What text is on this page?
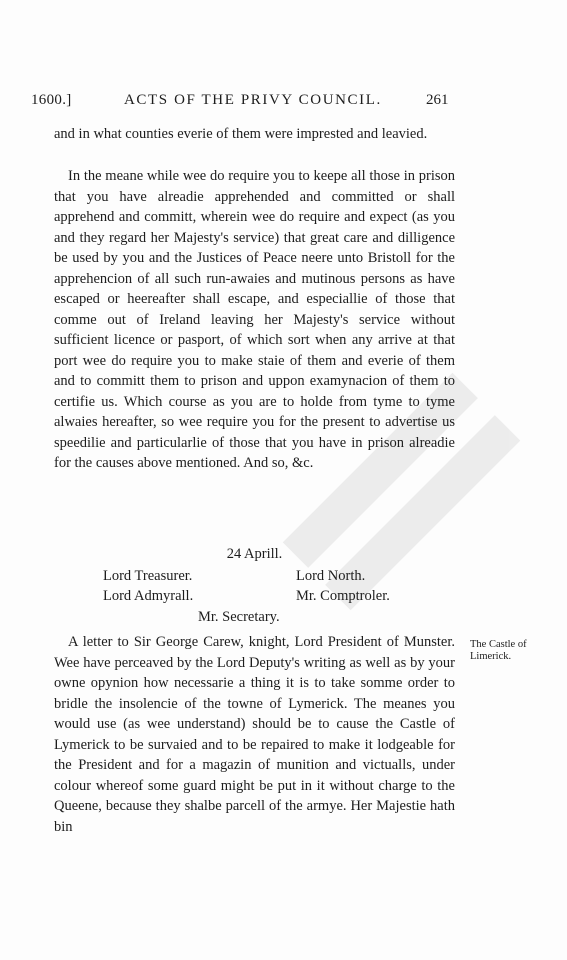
1600.]	ACTS OF THE PRIVY COUNCIL.	261

and in what counties everie of them were imprested and leavied.

In the meane while wee do require you to keepe all those in prison that you have alreadie apprehended and committed or shall apprehend and committ, wherein wee do require and expect (as you and they regard her Majesty's service) that great care and dilligence be used by you and the Justices of Peace neere unto Bristoll for the apprehencion of all such run-awaies and mutinous persons as have escaped or heereafter shall escape, and especiallie of those that comme out of Ireland leaving her Majesty's service without sufficient licence or pasport, of which sort when any arrive at that port wee do require you to make staie of them and everie of them and to committ them to prison and uppon examynacion of them to certifie us. Which course as you are to holde from tyme to tyme alwaies hereafter, so wee require you for the present to advertise us speedilie and particularlie of those that you have in prison alreadie for the causes above mentioned. And so, &c.

24 Aprill.
Lord Treasurer.	Lord North.
Lord Admyrall.	Mr. Comptroler.
Mr. Secretary.

A letter to Sir George Carew, knight, Lord President of Munster. Wee have perceaved by the Lord Deputy's writing as well as by your owne opynion how necessarie a thing it is to take somme order to bridle the insolencie of the towne of Lymerick. The meanes you would use (as wee understand) should be to cause the Castle of Lymerick to be survaied and to be repaired to make it lodgeable for the President and for a magazin of munition and victualls, under colour whereof some guard might be put in it without charge to the Queene, because they shalbe parcell of the armye. Her Majestie hath bin

The Castle of Limerick.
